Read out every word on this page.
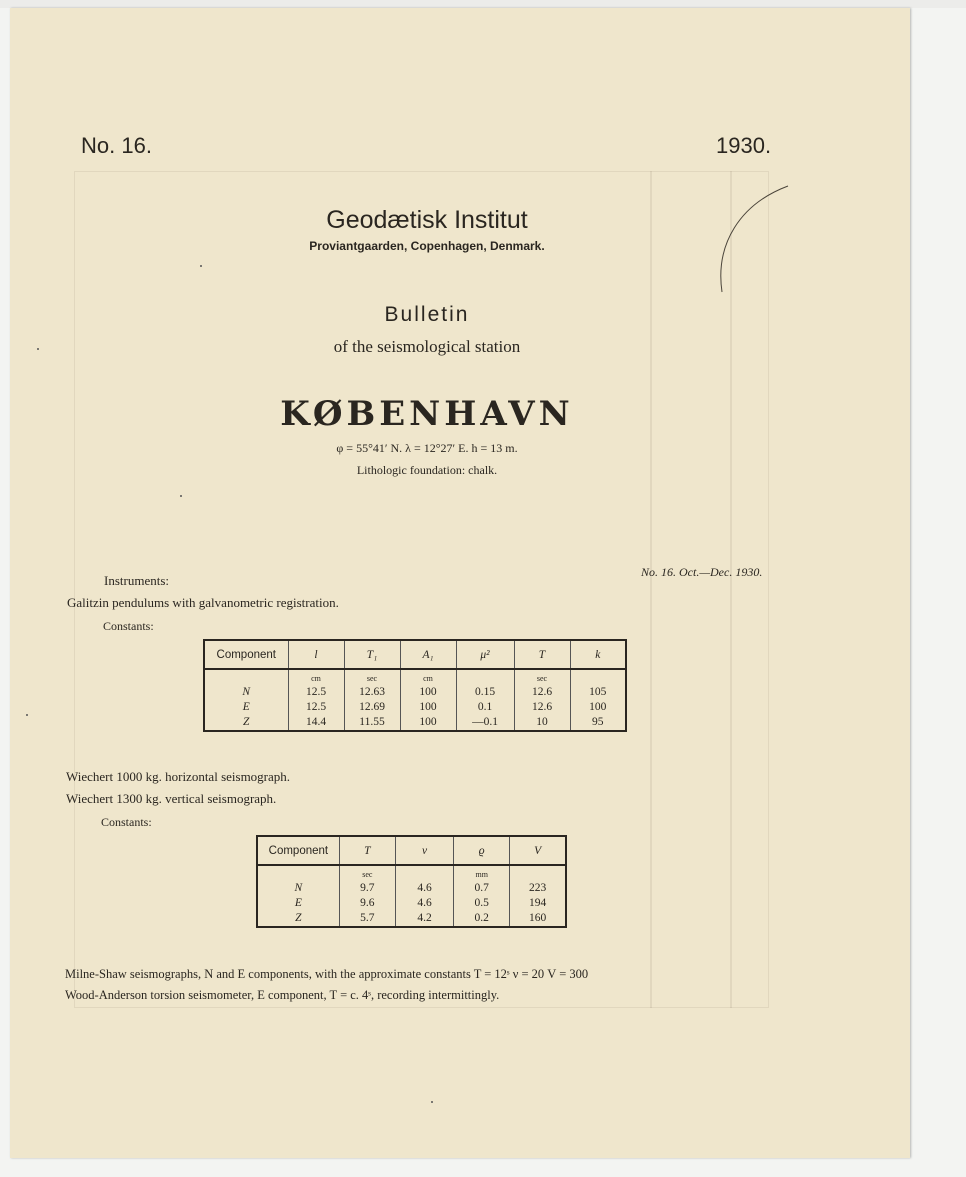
No. 16.	1930.
Geodætisk Institut
Proviantgaarden, Copenhagen, Denmark.
Bulletin
of the seismological station
KØBENHAVN
φ = 55°41′ N. λ = 12°27′ E. h = 13 m.
Lithologic foundation: chalk.
No. 16. Oct.—Dec. 1930.
Instruments:
Galitzin pendulums with galvanometric registration.
Constants:
Component	l	T₁	A₁	μ²	T	k
	cm	sec	cm		sec	
N	12.5	12.63	100	0.15	12.6	105
E	12.5	12.69	100	0.1	12.6	100
Z	14.4	11.55	100	—0.1	10	95
Wiechert 1000 kg. horizontal seismograph.
Wiechert 1300 kg. vertical seismograph.
Constants:
Component	T	ν	ϱ	V
	sec		mm	
N	9.7	4.6	0.7	223
E	9.6	4.6	0.5	194
Z	5.7	4.2	0.2	160
Milne-Shaw seismographs, N and E components, with the approximate constants T = 12ˢ ν = 20 V = 300
Wood-Anderson torsion seismometer, E component, T = c. 4ˢ, recording intermittingly.
